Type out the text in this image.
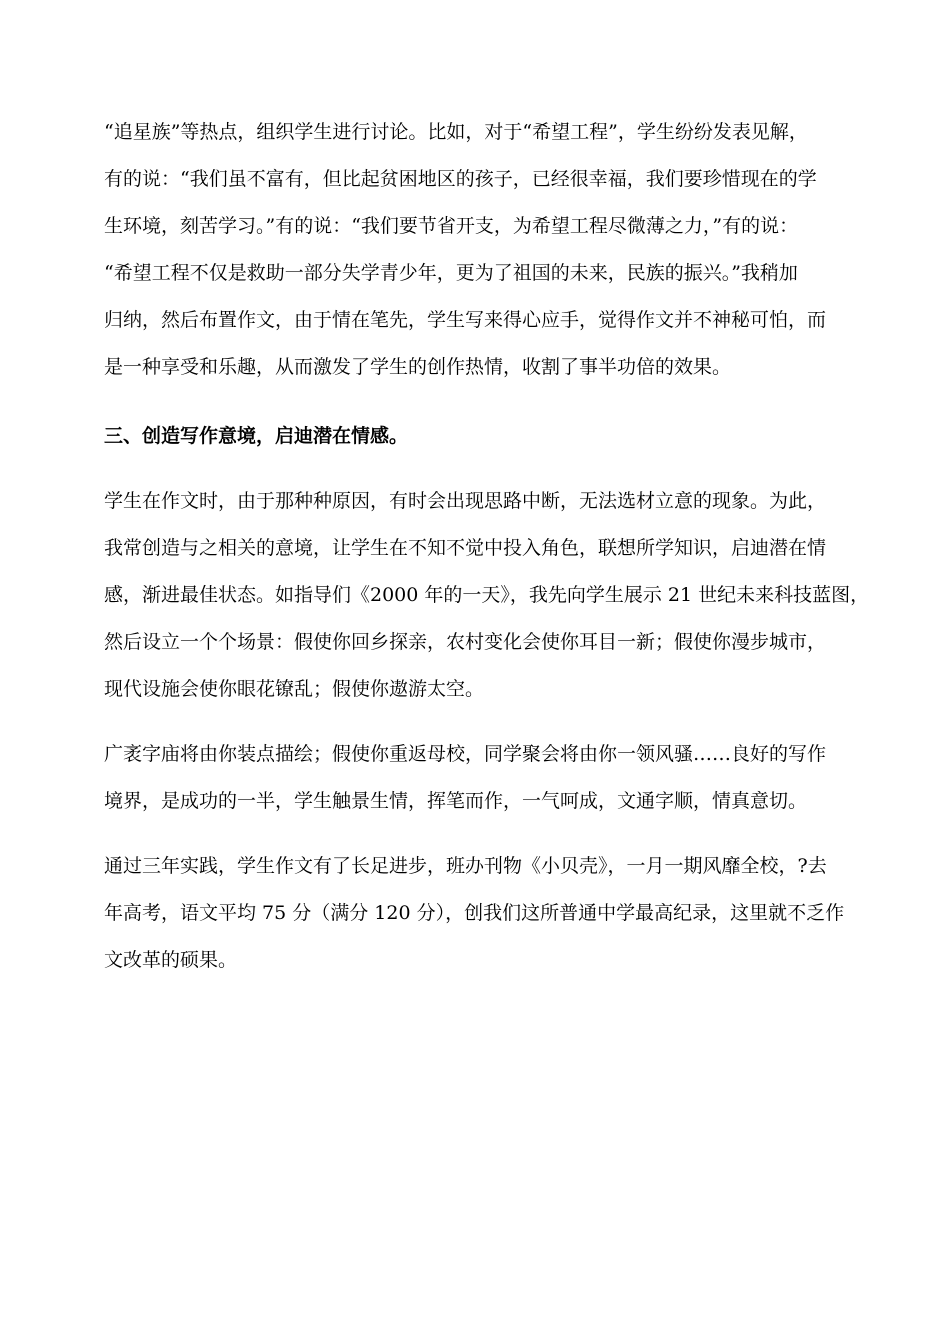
“追星族”等热点，组织学生进行讨论。比如，对于“希望工程”，学生纷纷发表见解，

有的说：“我们虽不富有，但比起贫困地区的孩子，已经很幸福，我们要珍惜现在的学

生环境，刻苦学习。”有的说：“我们要节省开支，为希望工程尽微薄之力，”有的说：

“希望工程不仅是救助一部分失学青少年，更为了祖国的未来，民族的振兴。”我稍加

归纳，然后布置作文，由于情在笔先，学生写来得心应手，觉得作文并不神秘可怕，而

是一种享受和乐趣，从而激发了学生的创作热情，收割了事半功倍的效果。

三、创造写作意境，启迪潜在情感。

学生在作文时，由于那种种原因，有时会出现思路中断，无法选材立意的现象。为此，

我常创造与之相关的意境，让学生在不知不觉中投入角色，联想所学知识，启迪潜在情

感，渐进最佳状态。如指导们《2000 年的一天》，我先向学生展示 21 世纪未来科技蓝图，

然后设立一个个场景：假使你回乡探亲，农村变化会使你耳目一新；假使你漫步城市，

现代设施会使你眼花镣乱；假使你遨游太空。

广袤字庙将由你装点描绘；假使你重返母校，同学聚会将由你一领风骚……良好的写作

境界，是成功的一半，学生触景生情，挥笔而作，一气呵成，文通字顺，情真意切。

通过三年实践，学生作文有了长足进步，班办刊物《小贝壳》，一月一期风靡全校，?去

年高考，语文平均 75 分（满分 120 分），创我们这所普通中学最高纪录，这里就不乏作

文改革的硕果。
